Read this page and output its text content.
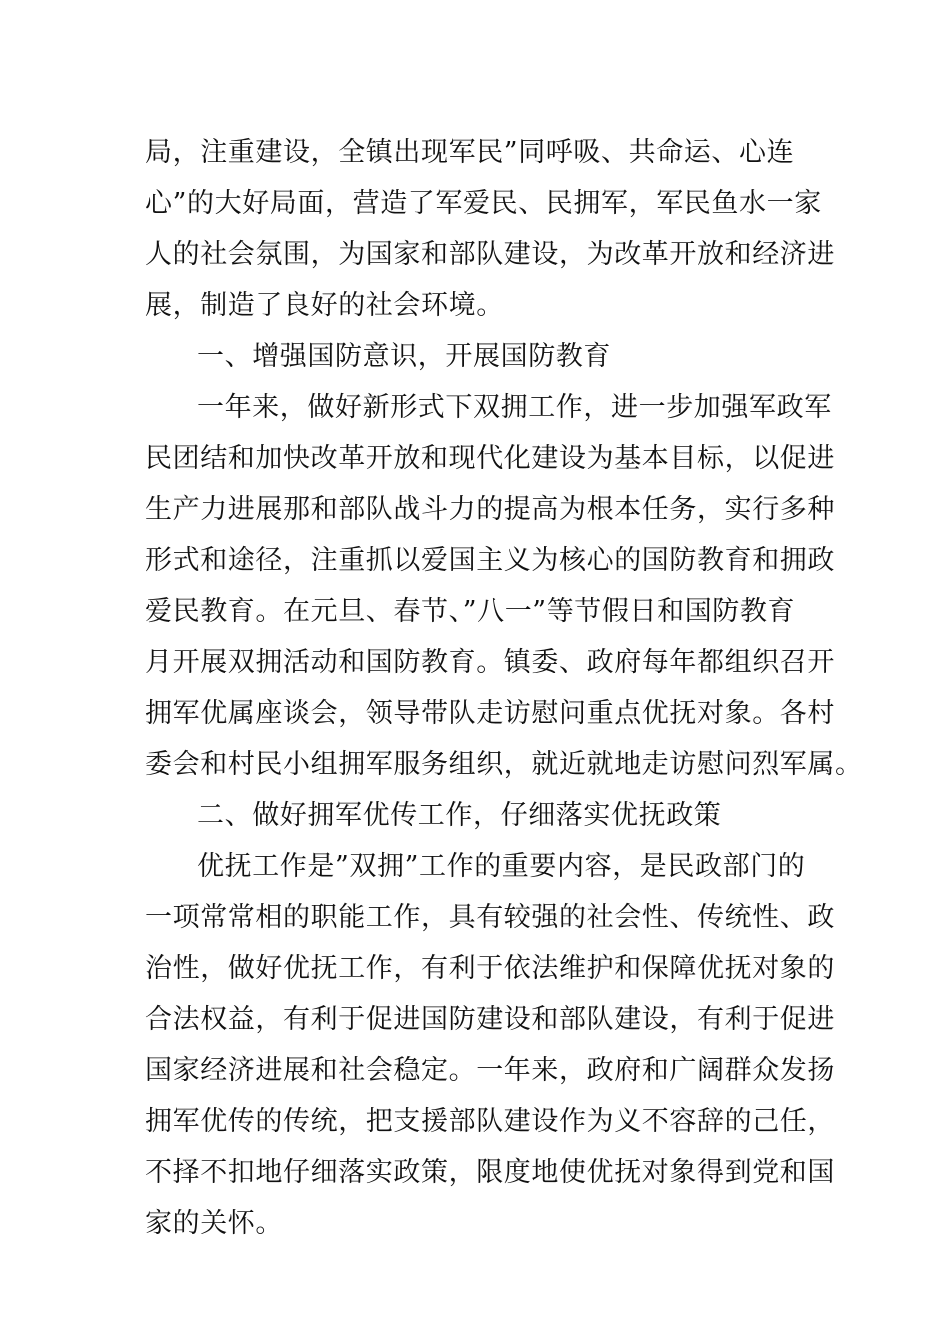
局，注重建设，全镇出现军民”同呼吸、共命运、心连
心”的大好局面，营造了军爱民、民拥军，军民鱼水一家
人的社会氛围，为国家和部队建设，为改革开放和经济进
展，制造了良好的社会环境。
一、增强国防意识，开展国防教育
一年来，做好新形式下双拥工作，进一步加强军政军
民团结和加快改革开放和现代化建设为基本目标，以促进
生产力进展那和部队战斗力的提高为根本任务，实行多种
形式和途径，注重抓以爱国主义为核心的国防教育和拥政
爱民教育。在元旦、春节、”八一”等节假日和国防教育
月开展双拥活动和国防教育。镇委、政府每年都组织召开
拥军优属座谈会，领导带队走访慰问重点优抚对象。各村
委会和村民小组拥军服务组织，就近就地走访慰问烈军属。
二、做好拥军优传工作，仔细落实优抚政策
优抚工作是”双拥”工作的重要内容，是民政部门的
一项常常相的职能工作，具有较强的社会性、传统性、政
治性，做好优抚工作，有利于依法维护和保障优抚对象的
合法权益，有利于促进国防建设和部队建设，有利于促进
国家经济进展和社会稳定。一年来，政府和广阔群众发扬
拥军优传的传统，把支援部队建设作为义不容辞的己任，
不择不扣地仔细落实政策，限度地使优抚对象得到党和国
家的关怀。
